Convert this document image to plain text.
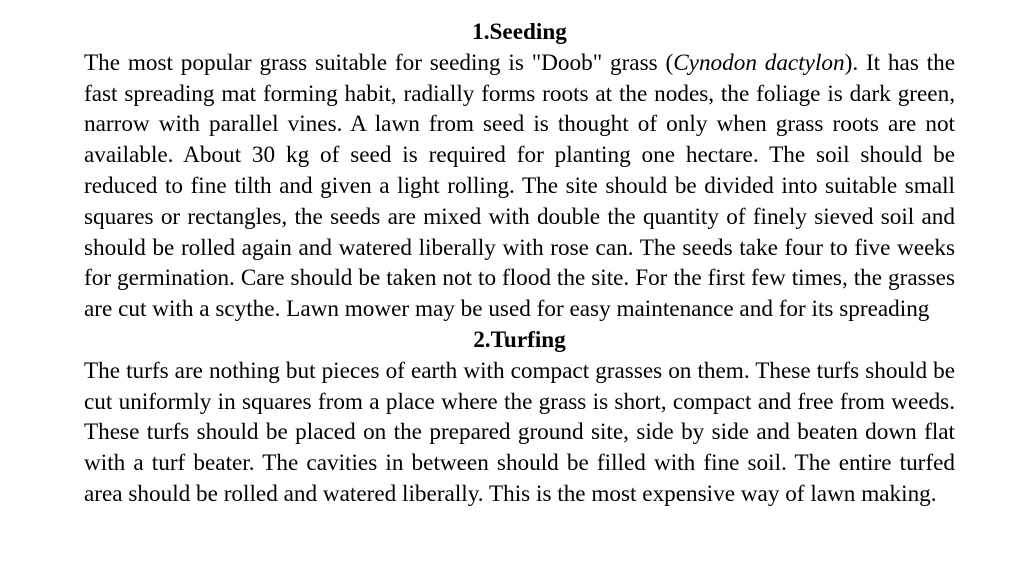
1.Seeding

The most popular grass suitable for seeding is "Doob" grass (Cynodon dactylon). It has the fast spreading mat forming habit, radially forms roots at the nodes, the foliage is dark green, narrow with parallel vines. A lawn from seed is thought of only when grass roots are not available. About 30 kg of seed is required for planting one hectare. The soil should be reduced to fine tilth and given a light rolling. The site should be divided into suitable small squares or rectangles, the seeds are mixed with double the quantity of finely sieved soil and should be rolled again and watered liberally with rose can. The seeds take four to five weeks for germination. Care should be taken not to flood the site. For the first few times, the grasses are cut with a scythe. Lawn mower may be used for easy maintenance and for its spreading

2.Turfing

The turfs are nothing but pieces of earth with compact grasses on them. These turfs should be cut uniformly in squares from a place where the grass is short, compact and free from weeds. These turfs should be placed on the prepared ground site, side by side and beaten down flat with a turf beater. The cavities in between should be filled with fine soil. The entire turfed area should be rolled and watered liberally. This is the most expensive way of lawn making.
